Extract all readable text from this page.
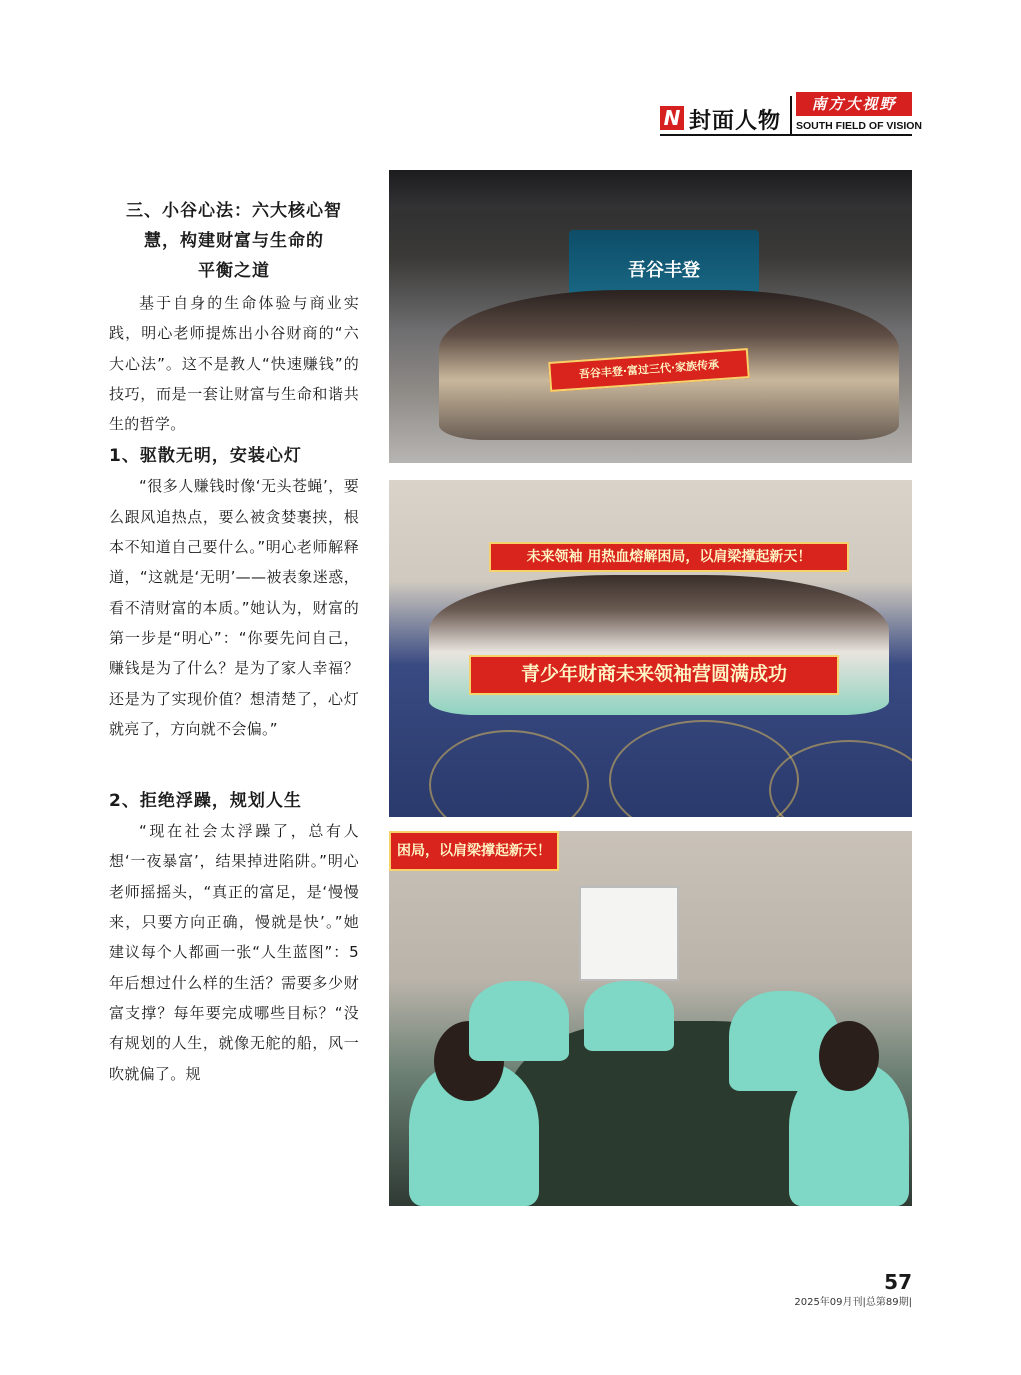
N 封面人物
南方大视野
SOUTH FIELD OF VISION
三、小谷心法：六大核心智
慧，构建财富与生命的
平衡之道

基于自身的生命体验与商业实践，明心老师提炼出小谷财商的“六大心法”。这不是教人“快速赚钱”的技巧，而是一套让财富与生命和谐共生的哲学。

1、驱散无明，安装心灯

“很多人赚钱时像‘无头苍蝇’，要么跟风追热点，要么被贪婪裹挟，根本不知道自己要什么。”明心老师解释道，“这就是‘无明’——被表象迷惑，看不清财富的本质。”她认为，财富的第一步是“明心”：“你要先问自己，赚钱是为了什么？是为了家人幸福？还是为了实现价值？想清楚了，心灯就亮了，方向就不会偏。”

2、拒绝浮躁，规划人生

“现在社会太浮躁了，总有人想‘一夜暴富’，结果掉进陷阱。”明心老师摇摇头，“真正的富足，是‘慢慢来，只要方向正确，慢就是快’。”她建议每个人都画一张“人生蓝图”：5年后想过什么样的生活？需要多少财富支撑？每年要完成哪些目标？“没有规划的人生，就像无舵的船，风一吹就偏了。规

吾谷丰登
吾谷丰登·富过三代·家族传承
未来领袖 用热血熔解困局，以肩梁撑起新天！
青少年财商未来领袖营圆满成功
困局，以肩梁撑起新天！
57
2025年09月刊|总第89期|
